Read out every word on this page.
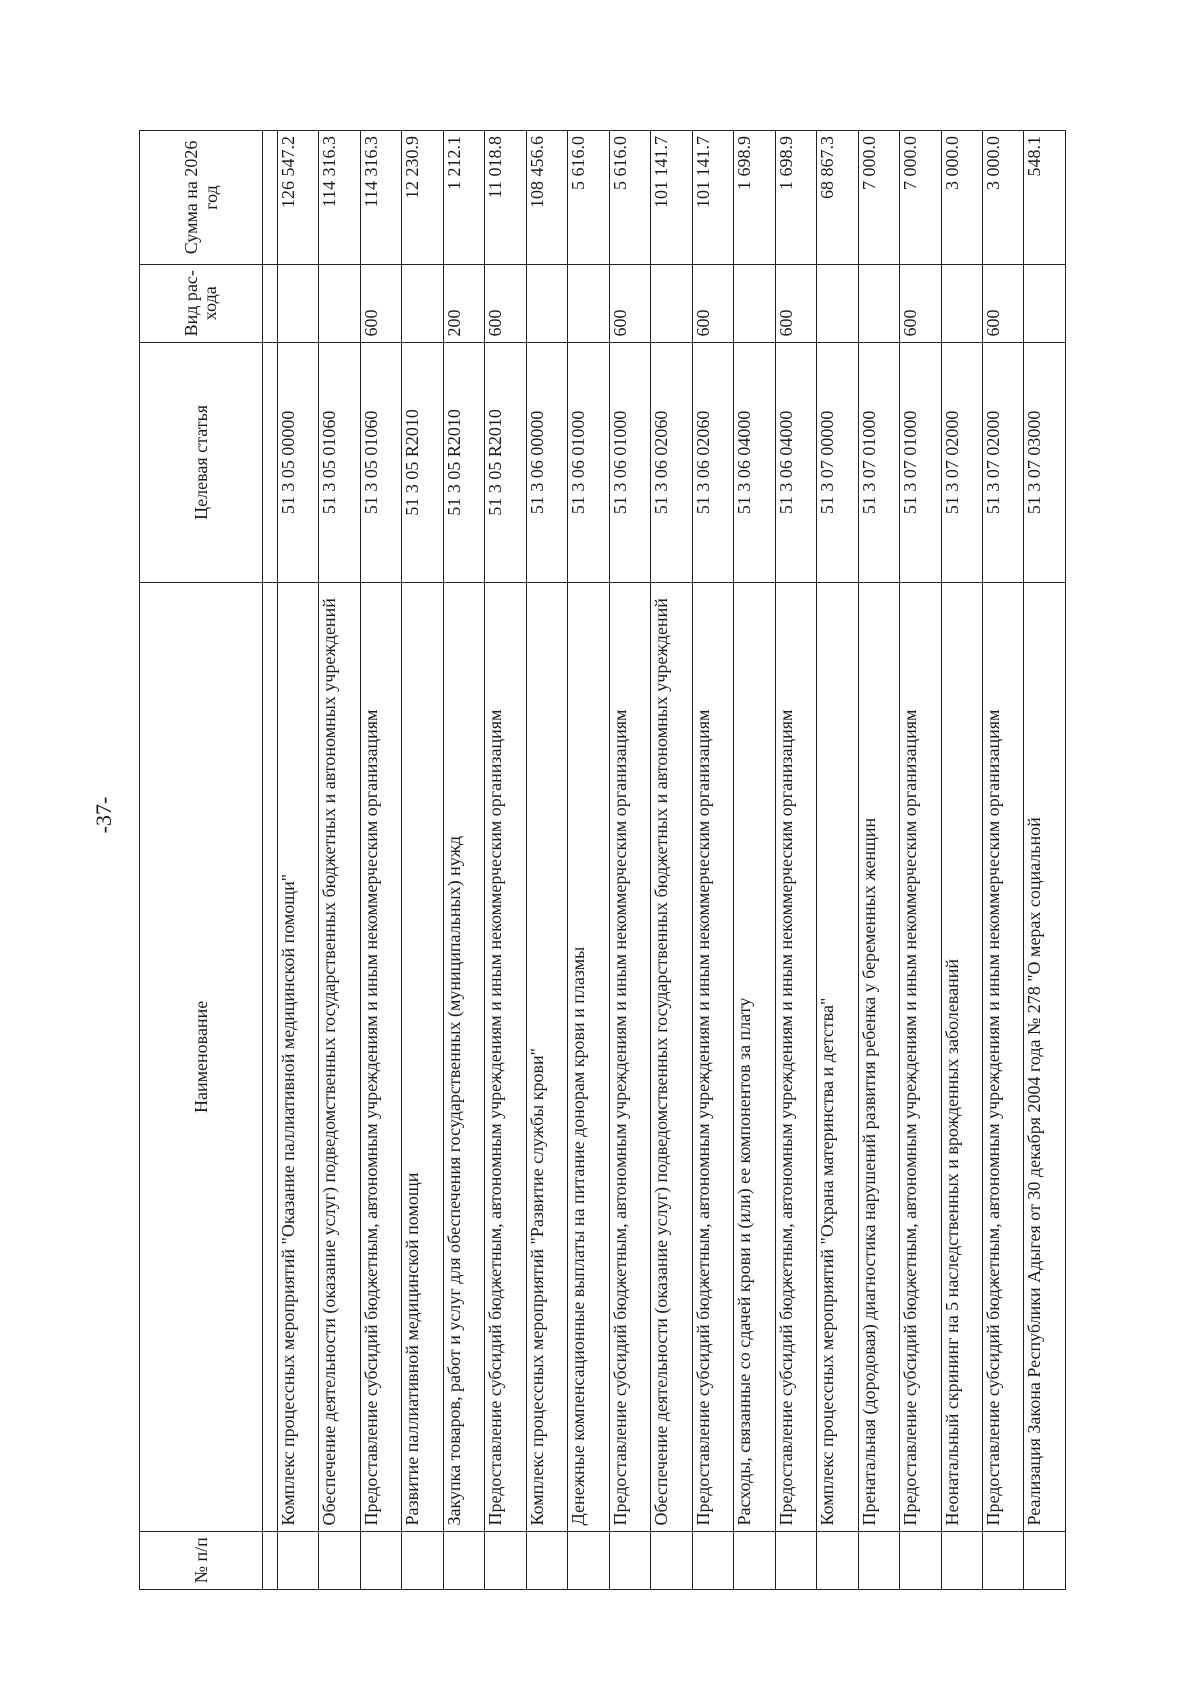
-37-
№ п/п	Наименование	Целевая статья	Вид рас- хода	Сумма на 2026 год

	Комплекс процессных мероприятий "Оказание паллиативной медицинской помощи"	51 3 05 00000		126 547.2
	Обеспечение деятельности (оказание услуг) подведомственных государственных бюджетных и автономных учреждений	51 3 05 01060		114 316.3
	Предоставление субсидий бюджетным, автономным учреждениям и иным некоммерческим организациям	51 3 05 01060	600	114 316.3
	Развитие паллиативной медицинской помощи	51 3 05 R2010		12 230.9
	Закупка товаров, работ и услуг для обеспечения государственных (муниципальных) нужд	51 3 05 R2010	200	1 212.1
	Предоставление субсидий бюджетным, автономным учреждениям и иным некоммерческим организациям	51 3 05 R2010	600	11 018.8
	Комплекс процессных мероприятий "Развитие службы крови"	51 3 06 00000		108 456.6
	Денежные компенсационные выплаты на питание донорам крови и плазмы	51 3 06 01000		5 616.0
	Предоставление субсидий бюджетным, автономным учреждениям и иным некоммерческим организациям	51 3 06 01000	600	5 616.0
	Обеспечение деятельности (оказание услуг) подведомственных государственных бюджетных и автономных учреждений	51 3 06 02060		101 141.7
	Предоставление субсидий бюджетным, автономным учреждениям и иным некоммерческим организациям	51 3 06 02060	600	101 141.7
	Расходы, связанные со сдачей крови и (или) ее компонентов за плату	51 3 06 04000		1 698.9
	Предоставление субсидий бюджетным, автономным учреждениям и иным некоммерческим организациям	51 3 06 04000	600	1 698.9
	Комплекс процессных мероприятий "Охрана материнства и детства"	51 3 07 00000		68 867.3
	Пренатальная (дородовая) диагностика нарушений развития ребенка у беременных женщин	51 3 07 01000		7 000.0
	Предоставление субсидий бюджетным, автономным учреждениям и иным некоммерческим организациям	51 3 07 01000	600	7 000.0
	Неонатальный скрининг на 5 наследственных и врожденных заболеваний	51 3 07 02000		3 000.0
	Предоставление субсидий бюджетным, автономным учреждениям и иным некоммерческим организациям	51 3 07 02000	600	3 000.0
	Реализация Закона Республики Адыгея от 30 декабря 2004 года № 278 "О мерах социальной	51 3 07 03000		548.1
